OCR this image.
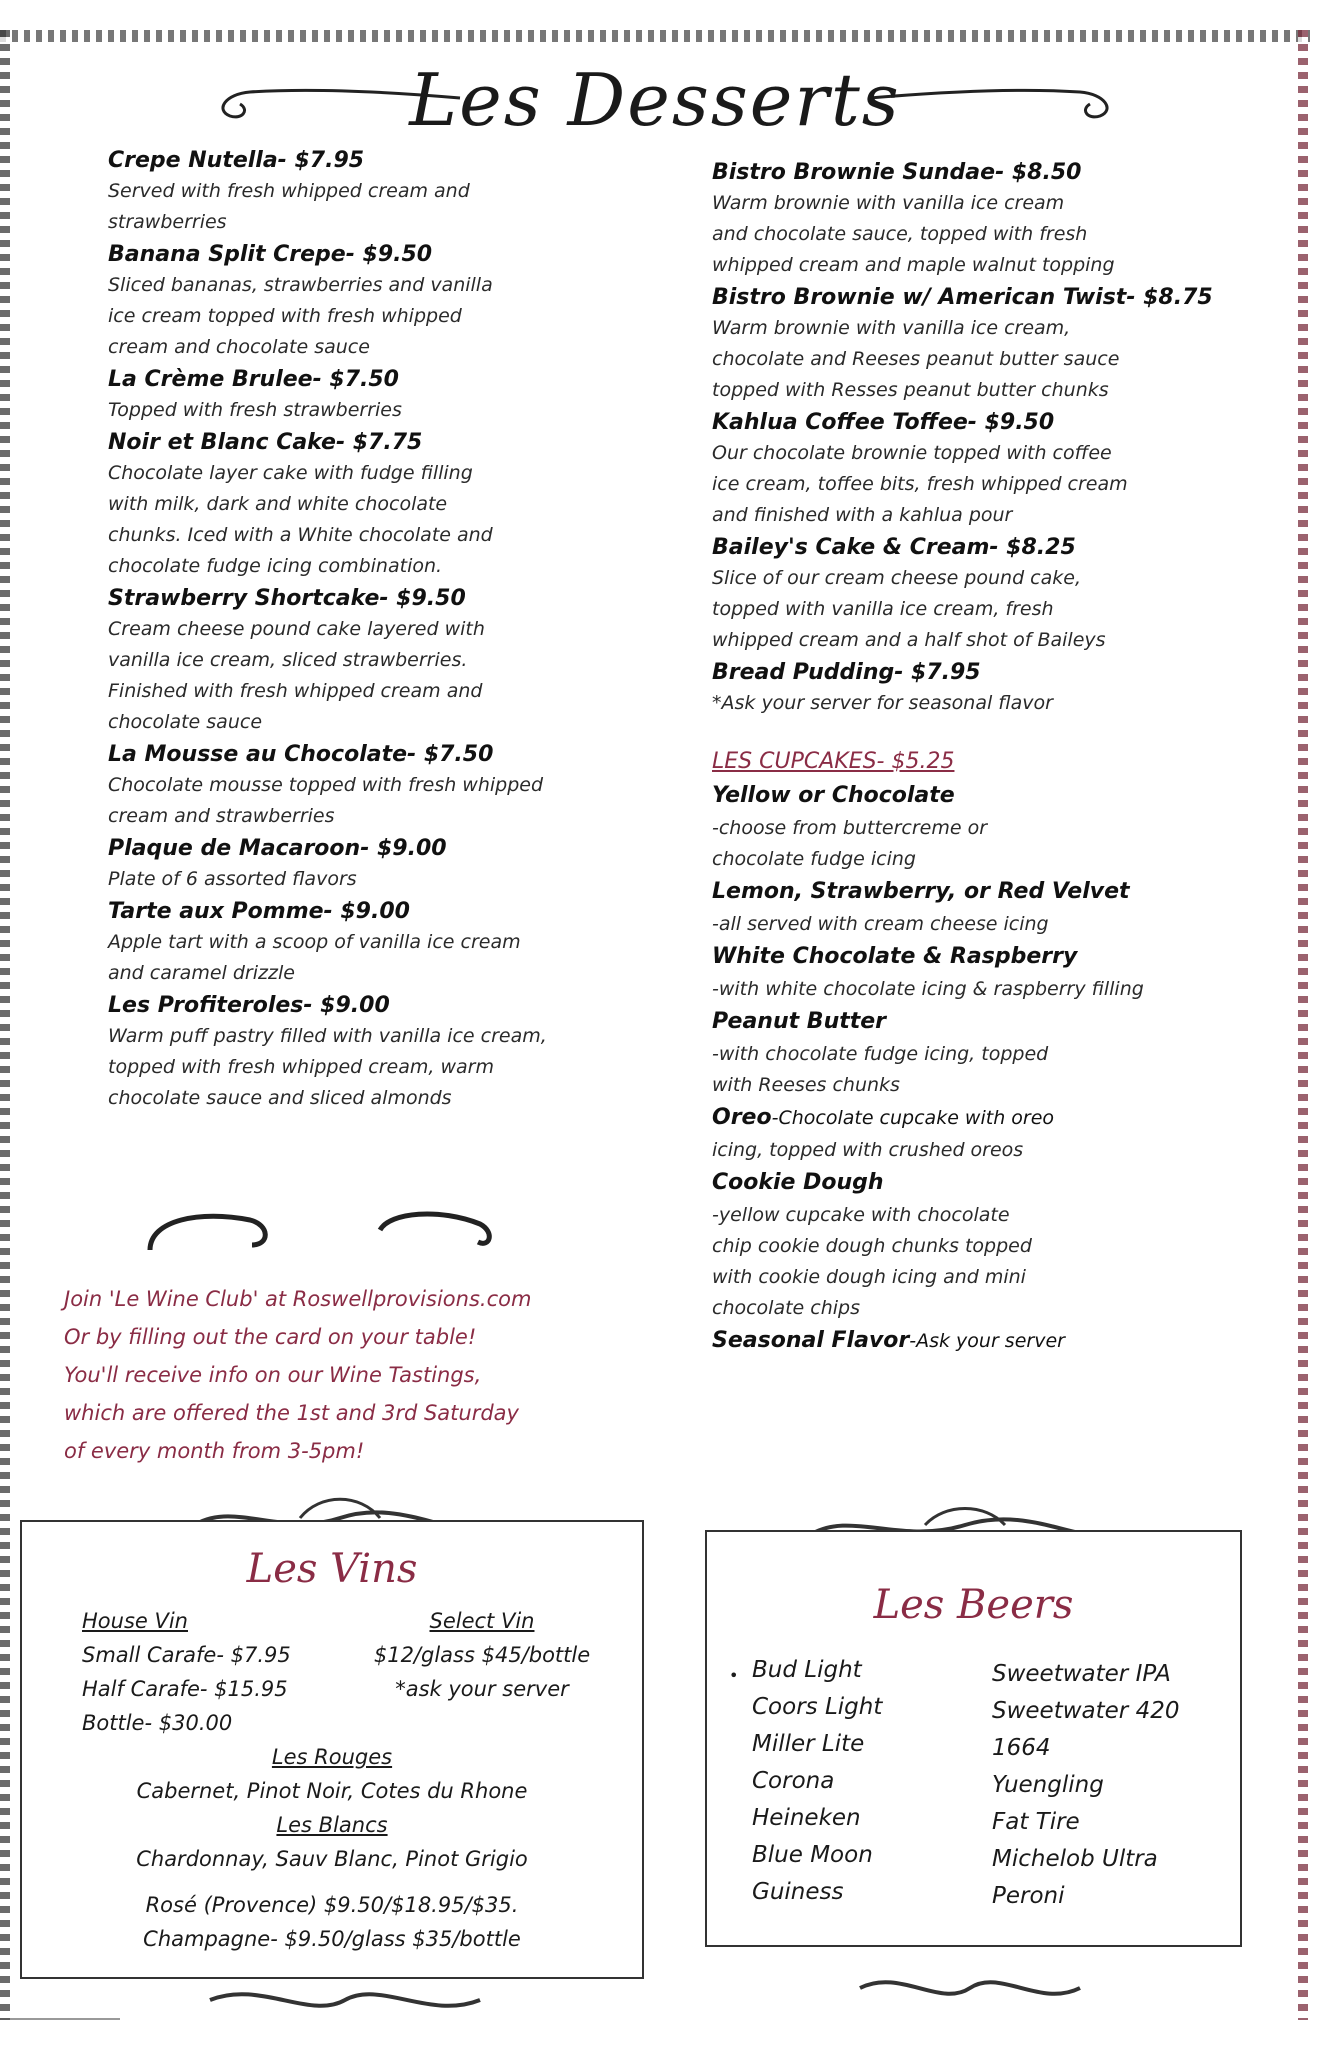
Les Desserts
Crepe Nutella- $7.95
Served with fresh whipped cream and
strawberries
Banana Split Crepe- $9.50
Sliced bananas, strawberries and vanilla
ice cream topped with fresh whipped
cream and chocolate sauce
La Crème Brulee- $7.50
Topped with fresh strawberries
Noir et Blanc Cake- $7.75
Chocolate layer cake with fudge filling
with milk, dark and white chocolate
chunks. Iced with a White chocolate and
chocolate fudge icing combination.
Strawberry Shortcake- $9.50
Cream cheese pound cake layered with
vanilla ice cream, sliced strawberries.
Finished with fresh whipped cream and
chocolate sauce
La Mousse au Chocolate- $7.50
Chocolate mousse topped with fresh whipped
cream and strawberries
Plaque de Macaroon- $9.00
Plate of 6 assorted flavors
Tarte aux Pomme- $9.00
Apple tart with a scoop of vanilla ice cream
and caramel drizzle
Les Profiteroles- $9.00
Warm puff pastry filled with vanilla ice cream,
topped with fresh whipped cream, warm
chocolate sauce and sliced almonds
Bistro Brownie Sundae- $8.50
Warm brownie with vanilla ice cream
and chocolate sauce, topped with fresh
whipped cream and maple walnut topping
Bistro Brownie w/ American Twist- $8.75
Warm brownie with vanilla ice cream,
chocolate and Reeses peanut butter sauce
topped with Resses peanut butter chunks
Kahlua Coffee Toffee- $9.50
Our chocolate brownie topped with coffee
ice cream, toffee bits, fresh whipped cream
and finished with a kahlua pour
Bailey's Cake & Cream- $8.25
Slice of our cream cheese pound cake,
topped with vanilla ice cream, fresh
whipped cream and a half shot of Baileys
Bread Pudding- $7.95
*Ask your server for seasonal flavor
LES CUPCAKES- $5.25
Yellow or Chocolate
-choose from buttercreme or
chocolate fudge icing
Lemon, Strawberry, or Red Velvet
-all served with cream cheese icing
White Chocolate & Raspberry
-with white chocolate icing & raspberry filling
Peanut Butter
-with chocolate fudge icing, topped
with Reeses chunks
Oreo-Chocolate cupcake with oreo
icing, topped with crushed oreos
Cookie Dough
-yellow cupcake with chocolate
chip cookie dough chunks topped
with cookie dough icing and mini
chocolate chips
Seasonal Flavor-Ask your server
Join 'Le Wine Club' at Roswellprovisions.com
Or by filling out the card on your table!
You'll receive info on our Wine Tastings,
which are offered the 1st and 3rd Saturday
of every month from 3-5pm!
Les Vins
House Vin
Small Carafe- $7.95
Half Carafe- $15.95
Bottle- $30.00
Select Vin
$12/glass $45/bottle
*ask your server
Les Rouges
Cabernet, Pinot Noir, Cotes du Rhone
Les Blancs
Chardonnay, Sauv Blanc, Pinot Grigio
Rosé (Provence) $9.50/$18.95/$35.
Champagne- $9.50/glass $35/bottle
Les Beers
• Bud Light
Coors Light
Miller Lite
Corona
Heineken
Blue Moon
Guiness
Sweetwater IPA
Sweetwater 420
1664
Yuengling
Fat Tire
Michelob Ultra
Peroni
